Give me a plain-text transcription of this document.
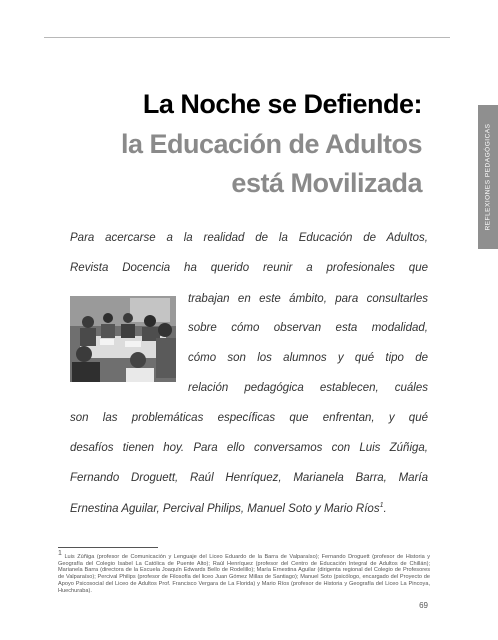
La Noche se Defiende:
la Educación de Adultos
está Movilizada	REFLEXIONES PEDAGÓGICAS
Para acercarse a la realidad de la Educación de Adultos,
Revista Docencia ha querido reunir a profesionales que
trabajan en este ámbito, para consultarles
sobre cómo observan esta modalidad,
cómo son los alumnos y qué tipo de
relación pedagógica establecen, cuáles
son las problemáticas específicas que enfrentan, y qué
desafíos tienen hoy. Para ello conversamos con Luis Zúñiga,
Fernando Droguett, Raúl Henríquez, Marianela Barra, María
Ernestina Aguilar, Percival Philips, Manuel Soto y Mario Ríos$^1$.
$^1$ Luis Zúñiga (profesor de Comunicación y Lenguaje del Liceo Eduardo de la Barra de Valparaíso); Fernando Droguett (profesor de Historia y Geografía del Colegio Isabel La Católica de Puente Alto); Raúl Henríquez (profesor del Centro de Educación Integral de Adultos de Chillán); Marianela Barra (directora de la Escuela Joaquín Edwards Bello de Rodelillo); María Ernestina Aguilar (dirigenta regional del Colegio de Profesores de Valparaíso); Percival Philips (profesor de Filosofía del liceo Juan Gómez Millas de Santiago); Manuel Soto (psicólogo, encargado del Proyecto de Apoyo Psicosocial del Liceo de Adultos Prof. Francisco Vergara de La Florida) y Mario Ríos (profesor de Historia y Geografía del Liceo La Pincoya, Huechuraba).
69
